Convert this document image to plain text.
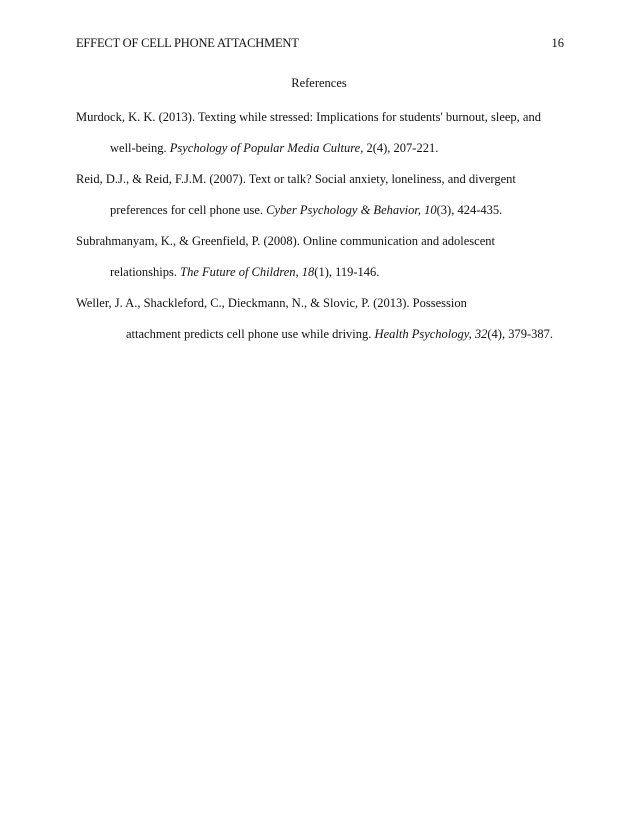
EFFECT OF CELL PHONE ATTACHMENT	16
References
Murdock, K. K. (2013). Texting while stressed: Implications for students' burnout, sleep, and
well-being. Psychology of Popular Media Culture, 2(4), 207-221.
Reid, D.J., & Reid, F.J.M. (2007). Text or talk? Social anxiety, loneliness, and divergent
preferences for cell phone use. Cyber Psychology & Behavior, 10(3), 424-435.
Subrahmanyam, K., & Greenfield, P. (2008). Online communication and adolescent
relationships. The Future of Children, 18(1), 119-146.
Weller, J. A., Shackleford, C., Dieckmann, N., & Slovic, P. (2013). Possession
attachment predicts cell phone use while driving. Health Psychology, 32(4), 379-387.
